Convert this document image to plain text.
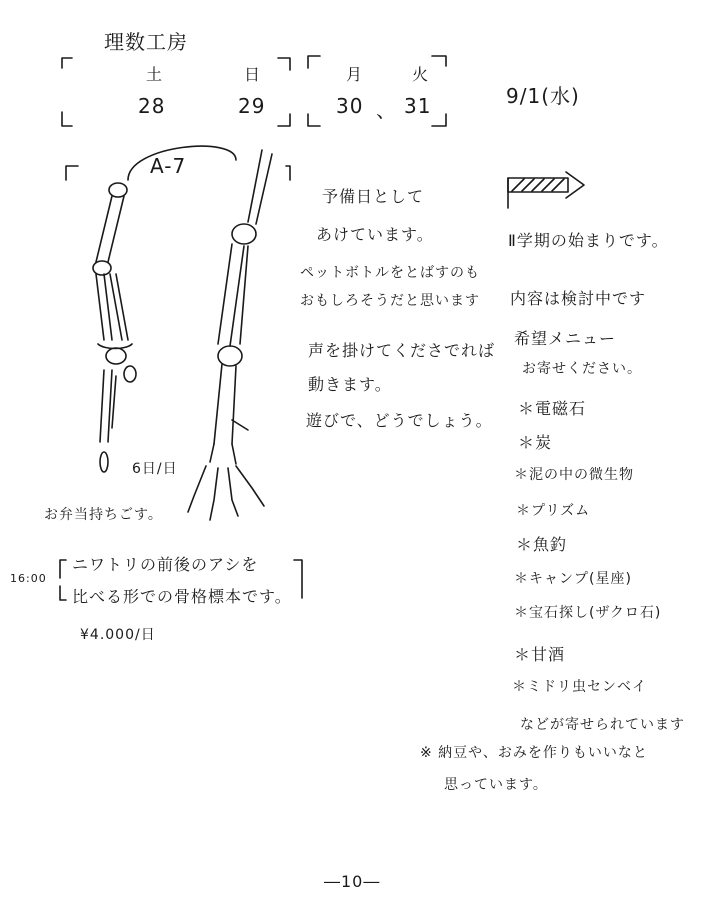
理数工房
土	日	月	火
28	29	30 、 31	9/1(水)
A-7
6日/日
お弁当持ちごす。
16:00
ニワトリの前後のアシを
比べる形での骨格標本です。
¥4.000/日
予備日として
あけています。
ペットボトルをとばすのも
おもしろそうだと思います
声を掛けてくださでれば
動きます。
遊びで、どうでしょう。
Ⅱ学期の始まりです。
内容は検討中です
希望メニュー
お寄せください。
＊電磁石
＊炭
＊泥の中の微生物
＊プリズム
＊魚釣
＊キャンプ(星座)
＊宝石探し(ザクロ石)
＊甘酒
＊ミドリ虫センベイ
などが寄せられています
※ 納豆や、おみを作りもいいなと
思っています。
―10―
